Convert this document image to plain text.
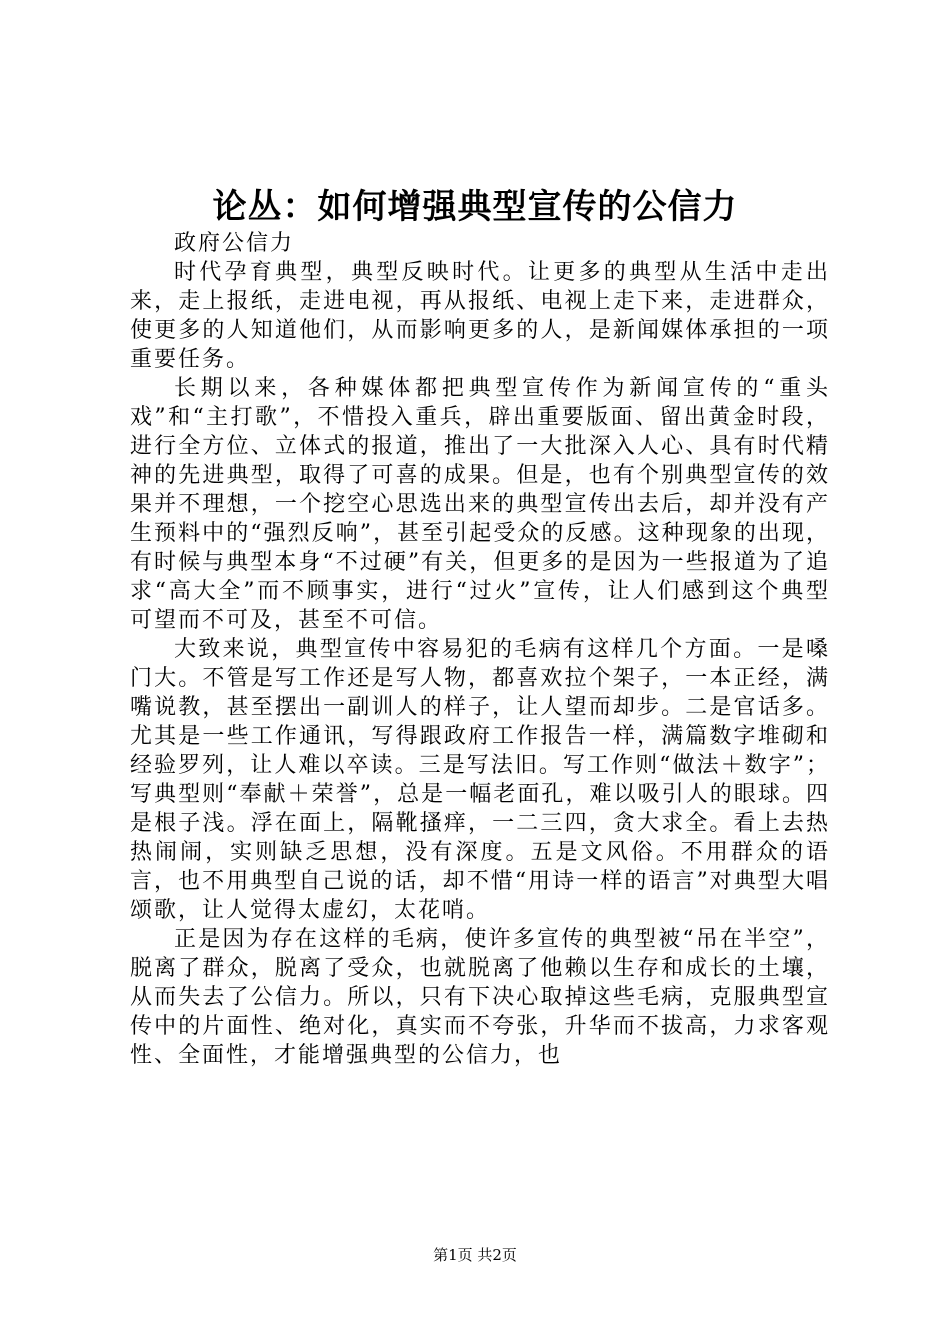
论丛：如何增强典型宣传的公信力

政府公信力

时代孕育典型，典型反映时代。让更多的典型从生活中走出来，走上报纸，走进电视，再从报纸、电视上走下来，走进群众，使更多的人知道他们，从而影响更多的人，是新闻媒体承担的一项重要任务。

长期以来，各种媒体都把典型宣传作为新闻宣传的“重头戏”和“主打歌”，不惜投入重兵，辟出重要版面、留出黄金时段，进行全方位、立体式的报道，推出了一大批深入人心、具有时代精神的先进典型，取得了可喜的成果。但是，也有个别典型宣传的效果并不理想，一个挖空心思选出来的典型宣传出去后，却并没有产生预料中的“强烈反响”，甚至引起受众的反感。这种现象的出现，有时候与典型本身“不过硬”有关，但更多的是因为一些报道为了追求“高大全”而不顾事实，进行“过火”宣传，让人们感到这个典型可望而不可及，甚至不可信。

大致来说，典型宣传中容易犯的毛病有这样几个方面。一是嗓门大。不管是写工作还是写人物，都喜欢拉个架子，一本正经，满嘴说教，甚至摆出一副训人的样子，让人望而却步。二是官话多。尤其是一些工作通讯，写得跟政府工作报告一样，满篇数字堆砌和经验罗列，让人难以卒读。三是写法旧。写工作则“做法＋数字”；写典型则“奉献＋荣誉”，总是一幅老面孔，难以吸引人的眼球。四是根子浅。浮在面上，隔靴搔痒，一二三四，贪大求全。看上去热热闹闹，实则缺乏思想，没有深度。五是文风俗。不用群众的语言，也不用典型自己说的话，却不惜“用诗一样的语言”对典型大唱颂歌，让人觉得太虚幻，太花哨。

正是因为存在这样的毛病，使许多宣传的典型被“吊在半空”，脱离了群众，脱离了受众，也就脱离了他赖以生存和成长的土壤，从而失去了公信力。所以，只有下决心取掉这些毛病，克服典型宣传中的片面性、绝对化，真实而不夸张，升华而不拔高，力求客观性、全面性，才能增强典型的公信力，也

第1页 共2页
